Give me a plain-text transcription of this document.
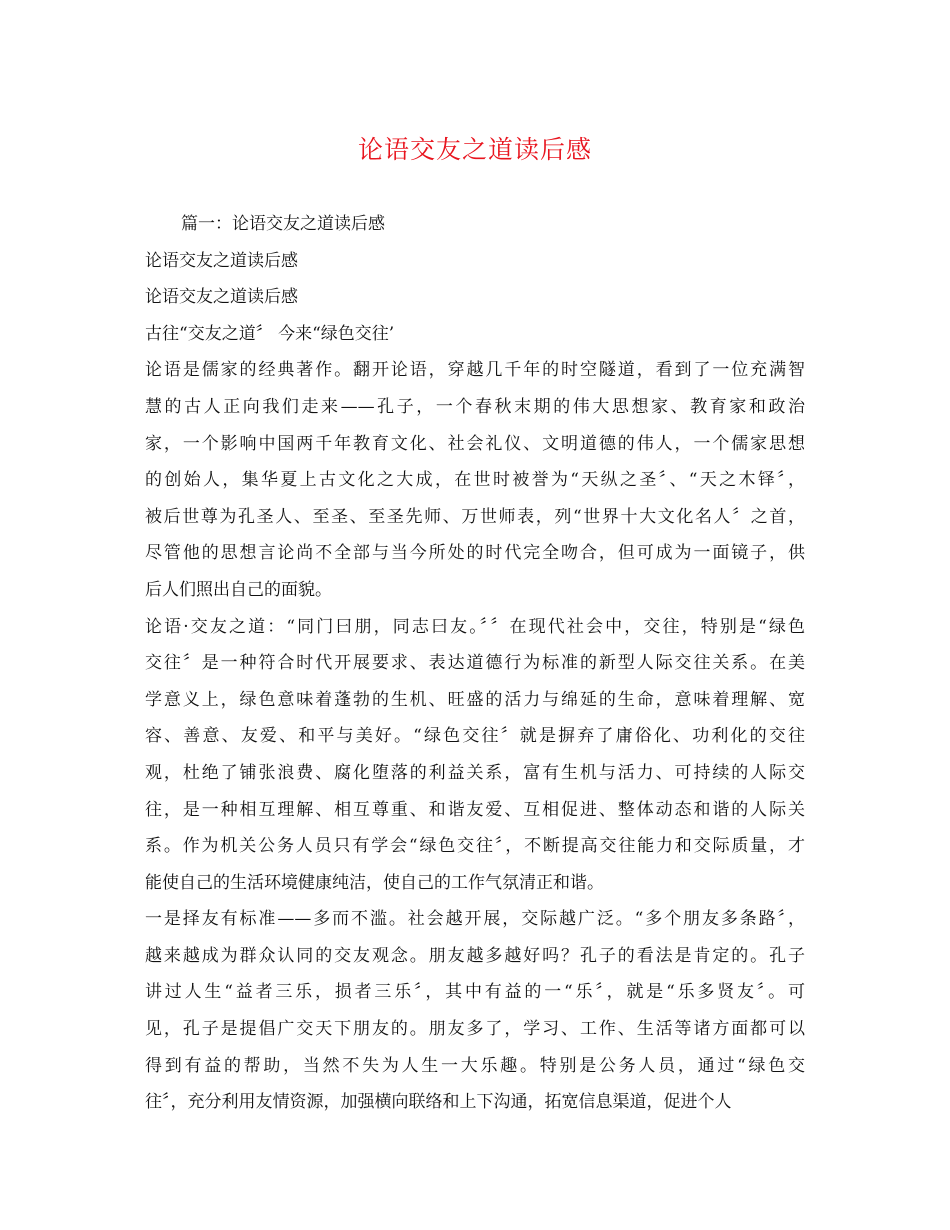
论语交友之道读后感

篇一：论语交友之道读后感

论语交友之道读后感

论语交友之道读后感

古往“交友之道〞 今来“绿色交往’

论语是儒家的经典著作。翻开论语，穿越几千年的时空隧道，看到了一位充满智

慧的古人正向我们走来——孔子，一个春秋末期的伟大思想家、教育家和政治

家，一个影响中国两千年教育文化、社会礼仪、文明道德的伟人，一个儒家思想

的创始人，集华夏上古文化之大成，在世时被誉为“天纵之圣〞、“天之木铎〞，

被后世尊为孔圣人、至圣、至圣先师、万世师表，列“世界十大文化名人〞之首，

尽管他的思想言论尚不全部与当今所处的时代完全吻合，但可成为一面镜子，供

后人们照出自己的面貌。

论语·交友之道：“同门曰朋，同志曰友。〞〞在现代社会中，交往，特别是“绿色

交往〞是一种符合时代开展要求、表达道德行为标准的新型人际交往关系。在美

学意义上，绿色意味着蓬勃的生机、旺盛的活力与绵延的生命，意味着理解、宽

容、善意、友爱、和平与美好。“绿色交往〞就是摒弃了庸俗化、功利化的交往

观，杜绝了铺张浪费、腐化堕落的利益关系，富有生机与活力、可持续的人际交

往，是一种相互理解、相互尊重、和谐友爱、互相促进、整体动态和谐的人际关

系。作为机关公务人员只有学会“绿色交往〞，不断提高交往能力和交际质量，才

能使自己的生活环境健康纯洁，使自己的工作气氛清正和谐。

一是择友有标准——多而不滥。社会越开展，交际越广泛。“多个朋友多条路〞，

越来越成为群众认同的交友观念。朋友越多越好吗？孔子的看法是肯定的。孔子

讲过人生“益者三乐，损者三乐〞，其中有益的一“乐〞，就是“乐多贤友〞。可

见，孔子是提倡广交天下朋友的。朋友多了，学习、工作、生活等诸方面都可以

得到有益的帮助，当然不失为人生一大乐趣。特别是公务人员，通过“绿色交

往〞，充分利用友情资源，加强横向联络和上下沟通，拓宽信息渠道，促进个人
